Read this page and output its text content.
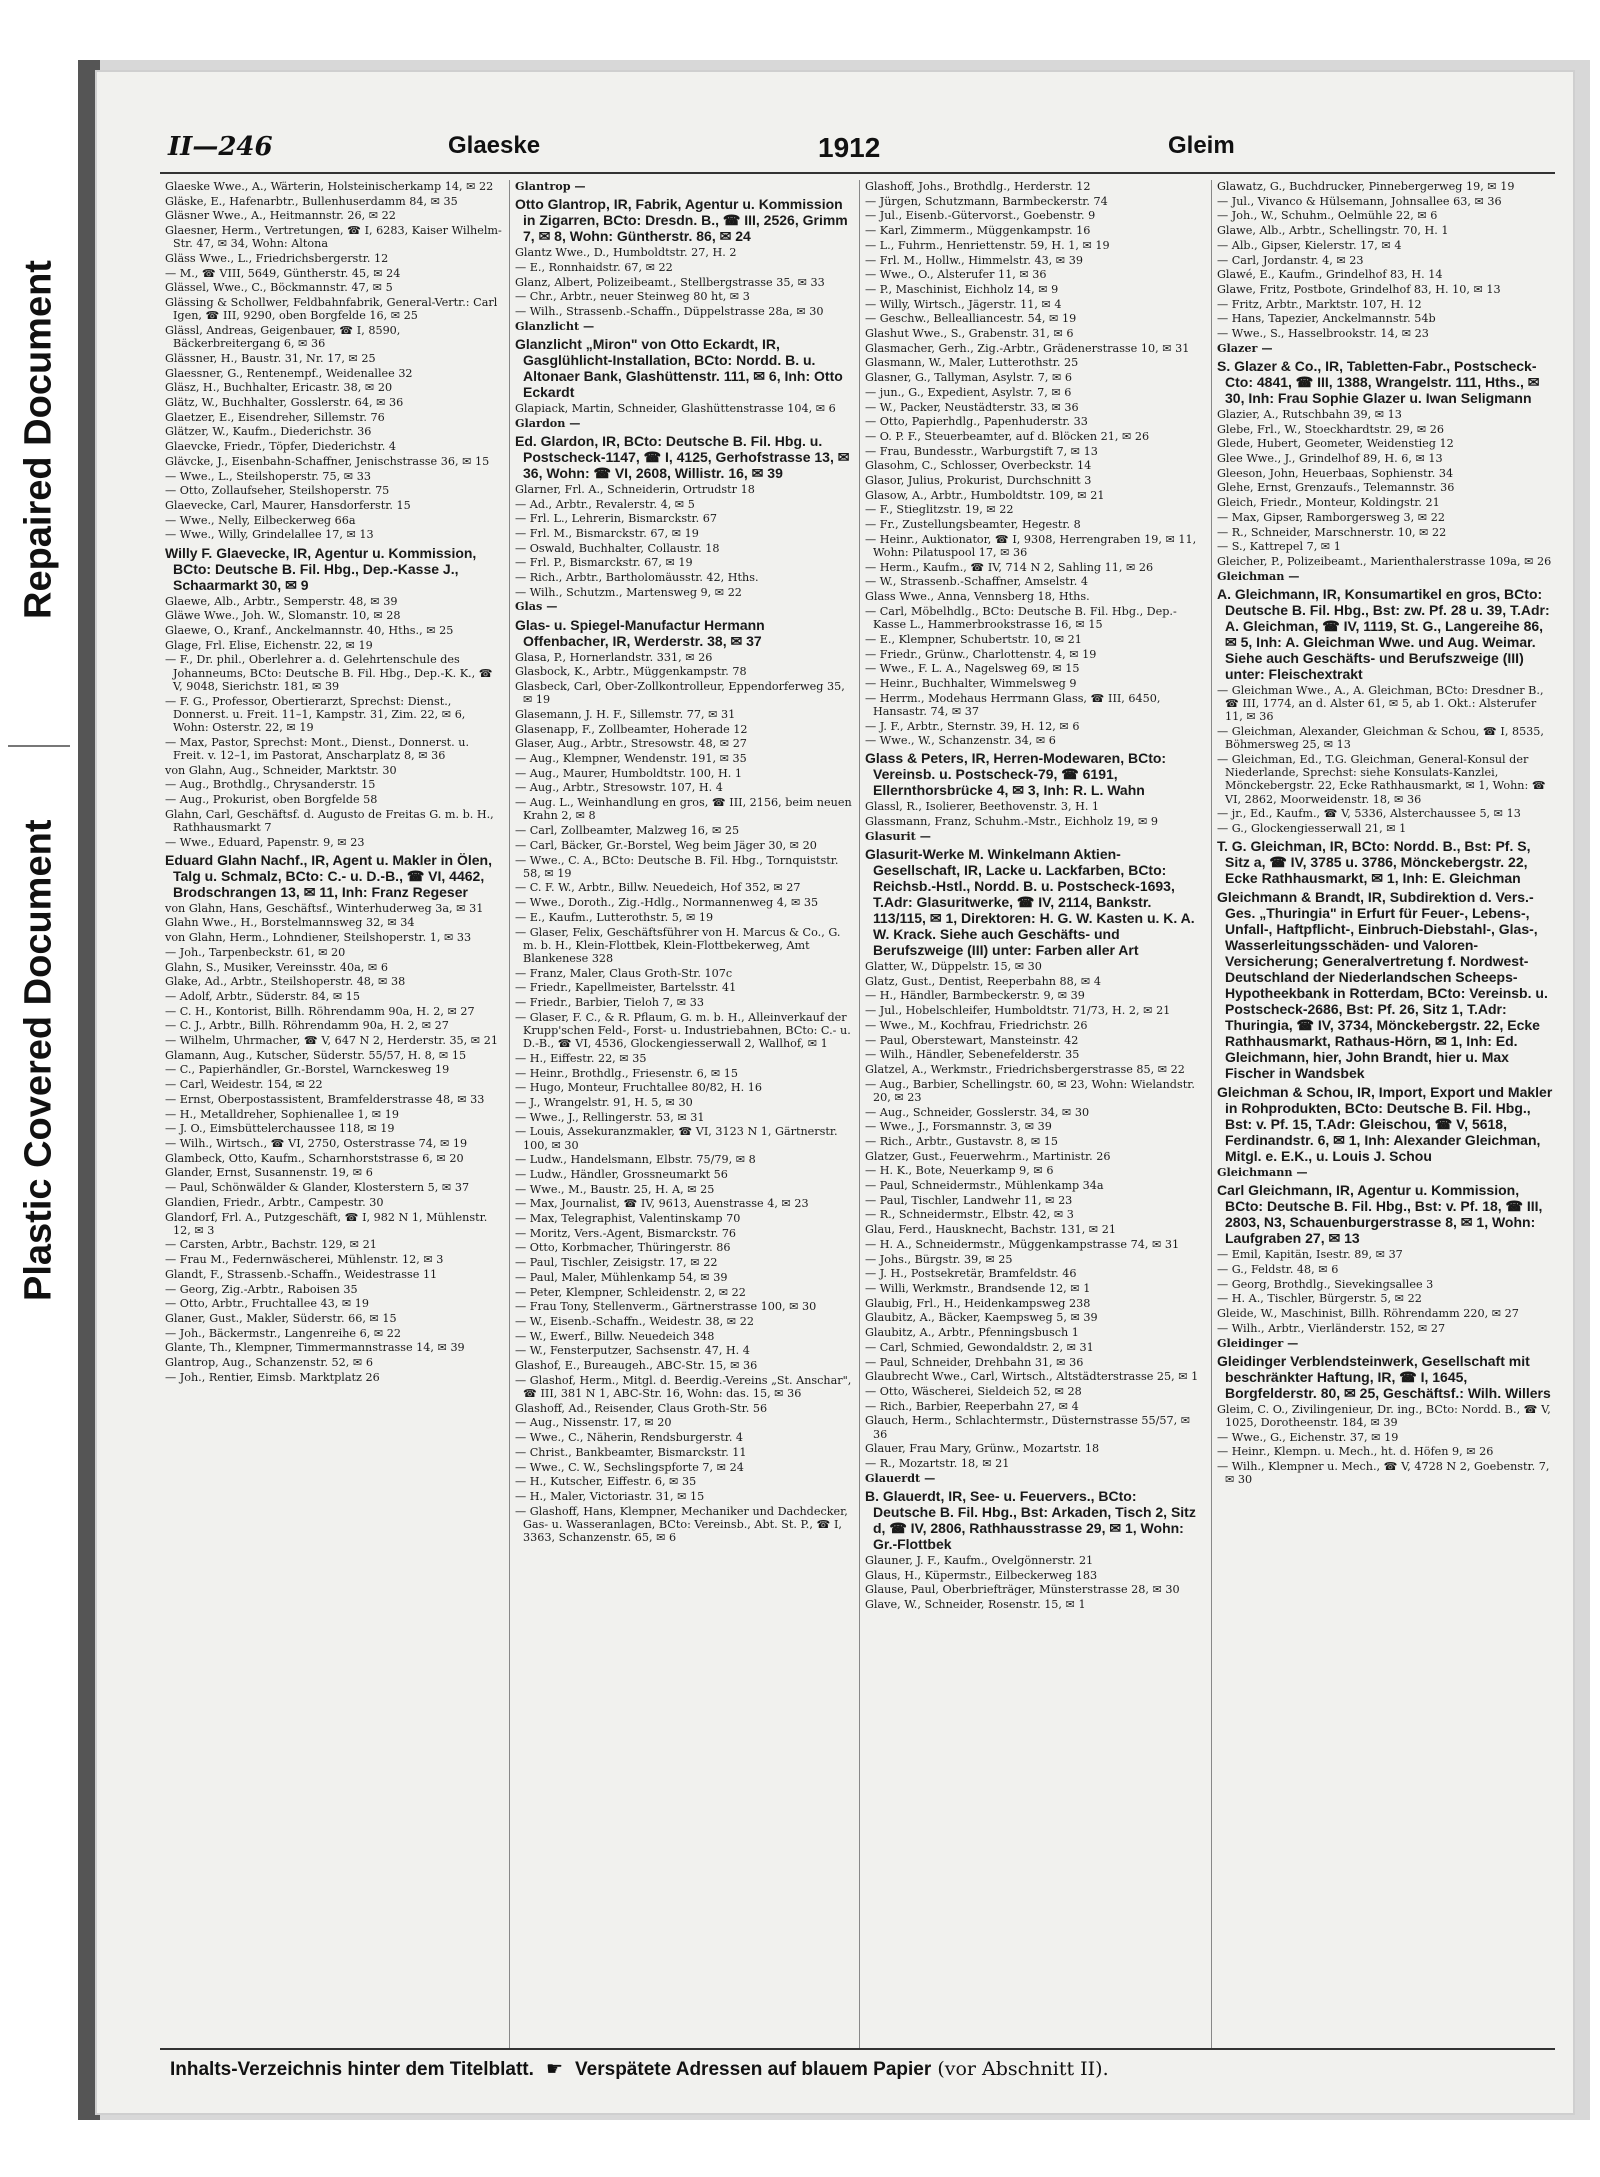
Repaired Document
Plastic Covered Document
II—246	Glaeske	1912	Gleim
Glaeske Wwe., A., Wärterin, Holsteinischerkamp 14, ✉ 22
Gläske, E., Hafenarbtr., Bullenhuserdamm 84, ✉ 35
Gläsner Wwe., A., Heitmannstr. 26, ✉ 22
Glaesner, Herm., Vertretungen, ☎ I, 6283, Kaiser Wilhelm-Str. 47, ✉ 34, Wohn: Altona
Gläss Wwe., L., Friedrichsbergerstr. 12
— M., ☎ VIII, 5649, Güntherstr. 45, ✉ 24
Glässel, Wwe., C., Böckmannstr. 47, ✉ 5
Glässing & Schollwer, Feldbahnfabrik, General-Vertr.: Carl Igen, ☎ III, 9290, oben Borgfelde 16, ✉ 25
Glässl, Andreas, Geigenbauer, ☎ I, 8590, Bäckerbreitergang 6, ✉ 36
Glässner, H., Baustr. 31, Nr. 17, ✉ 25
Glaessner, G., Rentenempf., Weidenallee 32
Gläsz, H., Buchhalter, Ericastr. 38, ✉ 20
Glätz, W., Buchhalter, Gosslerstr. 64, ✉ 36
Glaetzer, E., Eisendreher, Sillemstr. 76
Glätzer, W., Kaufm., Diederichstr. 36
Glaevcke, Friedr., Töpfer, Diederichstr. 4
Glävcke, J., Eisenbahn-Schaffner, Jenischstrasse 36, ✉ 15
— Wwe., L., Steilshoperstr. 75, ✉ 33
— Otto, Zollaufseher, Steilshoperstr. 75
Glaevecke, Carl, Maurer, Hansdorferstr. 15
— Wwe., Nelly, Eilbeckerweg 66a
— Wwe., Willy, Grindelallee 17, ✉ 13
Willy F. Glaevecke, IR, Agentur u. Kommission, BCto: Deutsche B. Fil. Hbg., Dep.-Kasse J., Schaarmarkt 30, ✉ 9
Glaewe, Alb., Arbtr., Semperstr. 48, ✉ 39
Gläwe Wwe., Joh. W., Slomanstr. 10, ✉ 28
Glaewe, O., Kranf., Anckelmannstr. 40, Hths., ✉ 25
Glage, Frl. Elise, Eichenstr. 22, ✉ 19
— F., Dr. phil., Oberlehrer a. d. Gelehrtenschule des Johanneums, BCto: Deutsche B. Fil. Hbg., Dep.-K. K., ☎ V, 9048, Sierichstr. 181, ✉ 39
— F. G., Professor, Obertierarzt, Sprechst: Dienst., Donnerst. u. Freit. 11–1, Kampstr. 31, Zim. 22, ✉ 6, Wohn: Osterstr. 22, ✉ 19
— Max, Pastor, Sprechst: Mont., Dienst., Donnerst. u. Freit. v. 12–1, im Pastorat, Anscharplatz 8, ✉ 36
von Glahn, Aug., Schneider, Marktstr. 30
— Aug., Brothdlg., Chrysanderstr. 15
— Aug., Prokurist, oben Borgfelde 58
Glahn, Carl, Geschäftsf. d. Augusto de Freitas G. m. b. H., Rathhausmarkt 7
— Wwe., Eduard, Papenstr. 9, ✉ 23
Eduard Glahn Nachf., IR, Agent u. Makler in Ölen, Talg u. Schmalz, BCto: C.- u. D.-B., ☎ VI, 4462, Brodschrangen 13, ✉ 11, Inh: Franz Regeser
von Glahn, Hans, Geschäftsf., Winterhuderweg 3a, ✉ 31
Glahn Wwe., H., Borstelmannsweg 32, ✉ 34
von Glahn, Herm., Lohndiener, Steilshoperstr. 1, ✉ 33
— Joh., Tarpenbeckstr. 61, ✉ 20
Glahn, S., Musiker, Vereinsstr. 40a, ✉ 6
Glake, Ad., Arbtr., Steilshoperstr. 48, ✉ 38
— Adolf, Arbtr., Süderstr. 84, ✉ 15
— C. H., Kontorist, Billh. Röhrendamm 90a, H. 2, ✉ 27
— C. J., Arbtr., Billh. Röhrendamm 90a, H. 2, ✉ 27
— Wilhelm, Uhrmacher, ☎ V, 647 N 2, Herderstr. 35, ✉ 21
Glamann, Aug., Kutscher, Süderstr. 55/57, H. 8, ✉ 15
— C., Papierhändler, Gr.-Borstel, Warnckesweg 19
— Carl, Weidestr. 154, ✉ 22
— Ernst, Oberpostassistent, Bramfelderstrasse 48, ✉ 33
— H., Metalldreher, Sophienallee 1, ✉ 19
— J. O., Eimsbüttelerchaussee 118, ✉ 19
— Wilh., Wirtsch., ☎ VI, 2750, Osterstrasse 74, ✉ 19
Glambeck, Otto, Kaufm., Scharnhorststrasse 6, ✉ 20
Glander, Ernst, Susannenstr. 19, ✉ 6
— Paul, Schönwälder & Glander, Klosterstern 5, ✉ 37
Glandien, Friedr., Arbtr., Campestr. 30
Glandorf, Frl. A., Putzgeschäft, ☎ I, 982 N 1, Mühlenstr. 12, ✉ 3
— Carsten, Arbtr., Bachstr. 129, ✉ 21
— Frau M., Federnwäscherei, Mühlenstr. 12, ✉ 3
Glandt, F., Strassenb.-Schaffn., Weidestrasse 11
— Georg, Zig.-Arbtr., Raboisen 35
— Otto, Arbtr., Fruchtallee 43, ✉ 19
Glaner, Gust., Makler, Süderstr. 66, ✉ 15
— Joh., Bäckermstr., Langenreihe 6, ✉ 22
Glante, Th., Klempner, Timmermannstrasse 14, ✉ 39
Glantrop, Aug., Schanzenstr. 52, ✉ 6
— Joh., Rentier, Eimsb. Marktplatz 26
Glantrop —
Otto Glantrop, IR, Fabrik, Agentur u. Kommission in Zigarren, BCto: Dresdn. B., ☎ III, 2526, Grimm 7, ✉ 8, Wohn: Güntherstr. 86, ✉ 24
Glantz Wwe., D., Humboldtstr. 27, H. 2
— E., Ronnhaidstr. 67, ✉ 22
Glanz, Albert, Polizeibeamt., Stellbergstrasse 35, ✉ 33
— Chr., Arbtr., neuer Steinweg 80 ht, ✉ 3
— Wilh., Strassenb.-Schaffn., Düppelstrasse 28a, ✉ 30
Glanzlicht —
Glanzlicht „Miron" von Otto Eckardt, IR, Gasglühlicht-Installation, BCto: Nordd. B. u. Altonaer Bank, Glashüttenstr. 111, ✉ 6, Inh: Otto Eckardt
Glapiack, Martin, Schneider, Glashüttenstrasse 104, ✉ 6
Glardon —
Ed. Glardon, IR, BCto: Deutsche B. Fil. Hbg. u. Postscheck-1147, ☎ I, 4125, Gerhofstrasse 13, ✉ 36, Wohn: ☎ VI, 2608, Willistr. 16, ✉ 39
Glarner, Frl. A., Schneiderin, Ortrudstr 18
— Ad., Arbtr., Revalerstr. 4, ✉ 5
— Frl. L., Lehrerin, Bismarckstr. 67
— Frl. M., Bismarckstr. 67, ✉ 19
— Oswald, Buchhalter, Collaustr. 18
— Frl. P., Bismarckstr. 67, ✉ 19
— Rich., Arbtr., Bartholomäusstr. 42, Hths.
— Wilh., Schutzm., Martensweg 9, ✉ 22
Glas —
Glas- u. Spiegel-Manufactur Hermann Offenbacher, IR, Werderstr. 38, ✉ 37
Glasa, P., Hornerlandstr. 331, ✉ 26
Glasbock, K., Arbtr., Müggenkampstr. 78
Glasbeck, Carl, Ober-Zollkontrolleur, Eppendorferweg 35, ✉ 19
Glasemann, J. H. F., Sillemstr. 77, ✉ 31
Glasenapp, F., Zollbeamter, Hoherade 12
Glaser, Aug., Arbtr., Stresowstr. 48, ✉ 27
— Aug., Klempner, Wendenstr. 191, ✉ 35
— Aug., Maurer, Humboldtstr. 100, H. 1
— Aug., Arbtr., Stresowstr. 107, H. 4
— Aug. L., Weinhandlung en gros, ☎ III, 2156, beim neuen Krahn 2, ✉ 8
— Carl, Zollbeamter, Malzweg 16, ✉ 25
— Carl, Bäcker, Gr.-Borstel, Weg beim Jäger 30, ✉ 20
— Wwe., C. A., BCto: Deutsche B. Fil. Hbg., Tornquiststr. 58, ✉ 19
— C. F. W., Arbtr., Billw. Neuedeich, Hof 352, ✉ 27
— Wwe., Doroth., Zig.-Hdlg., Normannenweg 4, ✉ 35
— E., Kaufm., Lutterothstr. 5, ✉ 19
— Glaser, Felix, Geschäftsführer von H. Marcus & Co., G. m. b. H., Klein-Flottbek, Klein-Flottbekerweg, Amt Blankenese 328
— Franz, Maler, Claus Groth-Str. 107c
— Friedr., Kapellmeister, Bartelsstr. 41
— Friedr., Barbier, Tieloh 7, ✉ 33
— Glaser, F. C., & R. Pflaum, G. m. b. H., Alleinverkauf der Krupp'schen Feld-, Forst- u. Industriebahnen, BCto: C.- u. D.-B., ☎ VI, 4536, Glockengiesserwall 2, Wallhof, ✉ 1
— H., Eiffestr. 22, ✉ 35
— Heinr., Brothdlg., Friesenstr. 6, ✉ 15
— Hugo, Monteur, Fruchtallee 80/82, H. 16
— J., Wrangelstr. 91, H. 5, ✉ 30
— Wwe., J., Rellingerstr. 53, ✉ 31
— Louis, Assekuranzmakler, ☎ VI, 3123 N 1, Gärtnerstr. 100, ✉ 30
— Ludw., Handelsmann, Elbstr. 75/79, ✉ 8
— Ludw., Händler, Grossneumarkt 56
— Wwe., M., Baustr. 25, H. A, ✉ 25
— Max, Journalist, ☎ IV, 9613, Auenstrasse 4, ✉ 23
— Max, Telegraphist, Valentinskamp 70
— Moritz, Vers.-Agent, Bismarckstr. 76
— Otto, Korbmacher, Thüringerstr. 86
— Paul, Tischler, Zeisigstr. 17, ✉ 22
— Paul, Maler, Mühlenkamp 54, ✉ 39
— Peter, Klempner, Schleidenstr. 2, ✉ 22
— Frau Tony, Stellenverm., Gärtnerstrasse 100, ✉ 30
— W., Eisenb.-Schaffn., Weidestr. 38, ✉ 22
— W., Ewerf., Billw. Neuedeich 348
— W., Fensterputzer, Sachsenstr. 47, H. 4
Glashof, E., Bureaugeh., ABC-Str. 15, ✉ 36
— Glashof, Herm., Mitgl. d. Beerdig.-Vereins „St. Anschar", ☎ III, 381 N 1, ABC-Str. 16, Wohn: das. 15, ✉ 36
Glashoff, Ad., Reisender, Claus Groth-Str. 56
— Aug., Nissenstr. 17, ✉ 20
— Wwe., C., Näherin, Rendsburgerstr. 4
— Christ., Bankbeamter, Bismarckstr. 11
— Wwe., C. W., Sechslingspforte 7, ✉ 24
— H., Kutscher, Eiffestr. 6, ✉ 35
— H., Maler, Victoriastr. 31, ✉ 15
— Glashoff, Hans, Klempner, Mechaniker und Dachdecker, Gas- u. Wasseranlagen, BCto: Vereinsb., Abt. St. P., ☎ I, 3363, Schanzenstr. 65, ✉ 6
Glashoff, Johs., Brothdlg., Herderstr. 12
— Jürgen, Schutzmann, Barmbeckerstr. 74
— Jul., Eisenb.-Gütervorst., Goebenstr. 9
— Karl, Zimmerm., Müggenkampstr. 16
— L., Fuhrm., Henriettenstr. 59, H. 1, ✉ 19
— Frl. M., Hollw., Himmelstr. 43, ✉ 39
— Wwe., O., Alsterufer 11, ✉ 36
— P., Maschinist, Eichholz 14, ✉ 9
— Willy, Wirtsch., Jägerstr. 11, ✉ 4
— Geschw., Bellealliancestr. 54, ✉ 19
Glashut Wwe., S., Grabenstr. 31, ✉ 6
Glasmacher, Gerh., Zig.-Arbtr., Grädenerstrasse 10, ✉ 31
Glasmann, W., Maler, Lutterothstr. 25
Glasner, G., Tallyman, Asylstr. 7, ✉ 6
— jun., G., Expedient, Asylstr. 7, ✉ 6
— W., Packer, Neustädterstr. 33, ✉ 36
— Otto, Papierhdlg., Papenhuderstr. 33
— O. P. F., Steuerbeamter, auf d. Blöcken 21, ✉ 26
— Frau, Bundesstr., Warburgstift 7, ✉ 13
Glasohm, C., Schlosser, Overbeckstr. 14
Glasor, Julius, Prokurist, Durchschnitt 3
Glasow, A., Arbtr., Humboldtstr. 109, ✉ 21
— F., Stieglitzstr. 19, ✉ 22
— Fr., Zustellungsbeamter, Hegestr. 8
— Heinr., Auktionator, ☎ I, 9308, Herrengraben 19, ✉ 11, Wohn: Pilatuspool 17, ✉ 36
— Herm., Kaufm., ☎ IV, 714 N 2, Sahling 11, ✉ 26
— W., Strassenb.-Schaffner, Amselstr. 4
Glass Wwe., Anna, Vennsberg 18, Hths.
— Carl, Möbelhdlg., BCto: Deutsche B. Fil. Hbg., Dep.-Kasse L., Hammerbrookstrasse 16, ✉ 15
— E., Klempner, Schubertstr. 10, ✉ 21
— Friedr., Grünw., Charlottenstr. 4, ✉ 19
— Wwe., F. L. A., Nagelsweg 69, ✉ 15
— Heinr., Buchhalter, Wimmelsweg 9
— Herrm., Modehaus Herrmann Glass, ☎ III, 6450, Hansastr. 74, ✉ 37
— J. F., Arbtr., Sternstr. 39, H. 12, ✉ 6
— Wwe., W., Schanzenstr. 34, ✉ 6
Glass & Peters, IR, Herren-Modewaren, BCto: Vereinsb. u. Postscheck-79, ☎ 6191, Ellernthorsbrücke 4, ✉ 3, Inh: R. L. Wahn
Glassl, R., Isolierer, Beethovenstr. 3, H. 1
Glassmann, Franz, Schuhm.-Mstr., Eichholz 19, ✉ 9
Glasurit —
Glasurit-Werke M. Winkelmann Aktien-Gesellschaft, IR, Lacke u. Lackfarben, BCto: Reichsb.-Hstl., Nordd. B. u. Postscheck-1693, T.Adr: Glasuritwerke, ☎ IV, 2114, Bankstr. 113/115, ✉ 1, Direktoren: H. G. W. Kasten u. K. A. W. Krack. Siehe auch Geschäfts- und Berufszweige (III) unter: Farben aller Art
Glatter, W., Düppelstr. 15, ✉ 30
Glatz, Gust., Dentist, Reeperbahn 88, ✉ 4
— H., Händler, Barmbeckerstr. 9, ✉ 39
— Jul., Hobelschleifer, Humboldtstr. 71/73, H. 2, ✉ 21
— Wwe., M., Kochfrau, Friedrichstr. 26
— Paul, Oberstewart, Mansteinstr. 42
— Wilh., Händler, Sebenefelderstr. 35
Glatzel, A., Werkmstr., Friedrichsbergerstrasse 85, ✉ 22
— Aug., Barbier, Schellingstr. 60, ✉ 23, Wohn: Wielandstr. 20, ✉ 23
— Aug., Schneider, Gosslerstr. 34, ✉ 30
— Wwe., J., Forsmannstr. 3, ✉ 39
— Rich., Arbtr., Gustavstr. 8, ✉ 15
Glatzer, Gust., Feuerwehrm., Martinistr. 26
— H. K., Bote, Neuerkamp 9, ✉ 6
— Paul, Schneidermstr., Mühlenkamp 34a
— Paul, Tischler, Landwehr 11, ✉ 23
— R., Schneidermstr., Elbstr. 42, ✉ 3
Glau, Ferd., Hausknecht, Bachstr. 131, ✉ 21
— H. A., Schneidermstr., Müggenkampstrasse 74, ✉ 31
— Johs., Bürgstr. 39, ✉ 25
— J. H., Postsekretär, Bramfeldstr. 46
— Willi, Werkmstr., Brandsende 12, ✉ 1
Glaubig, Frl., H., Heidenkampsweg 238
Glaubitz, A., Bäcker, Kaempsweg 5, ✉ 39
Glaubitz, A., Arbtr., Pfenningsbusch 1
— Carl, Schmied, Gewondaldstr. 2, ✉ 31
— Paul, Schneider, Drehbahn 31, ✉ 36
Glaubrecht Wwe., Carl, Wirtsch., Altstädterstrasse 25, ✉ 1
— Otto, Wäscherei, Sieldeich 52, ✉ 28
— Rich., Barbier, Reeperbahn 27, ✉ 4
Glauch, Herm., Schlachtermstr., Düsternstrasse 55/57, ✉ 36
Glauer, Frau Mary, Grünw., Mozartstr. 18
— R., Mozartstr. 18, ✉ 21
Glauerdt —
B. Glauerdt, IR, See- u. Feuervers., BCto: Deutsche B. Fil. Hbg., Bst: Arkaden, Tisch 2, Sitz d, ☎ IV, 2806, Rathhausstrasse 29, ✉ 1, Wohn: Gr.-Flottbek
Glauner, J. F., Kaufm., Ovelgönnerstr. 21
Glaus, H., Küpermstr., Eilbeckerweg 183
Glause, Paul, Oberbriefträger, Münsterstrasse 28, ✉ 30
Glave, W., Schneider, Rosenstr. 15, ✉ 1
Glawatz, G., Buchdrucker, Pinnebergerweg 19, ✉ 19
— Jul., Vivanco & Hülsemann, Johnsallee 63, ✉ 36
— Joh., W., Schuhm., Oelmühle 22, ✉ 6
Glawe, Alb., Arbtr., Schellingstr. 70, H. 1
— Alb., Gipser, Kielerstr. 17, ✉ 4
— Carl, Jordanstr. 4, ✉ 23
Glawé, E., Kaufm., Grindelhof 83, H. 14
Glawe, Fritz, Postbote, Grindelhof 83, H. 10, ✉ 13
— Fritz, Arbtr., Marktstr. 107, H. 12
— Hans, Tapezier, Anckelmannstr. 54b
— Wwe., S., Hasselbrookstr. 14, ✉ 23
Glazer —
S. Glazer & Co., IR, Tabletten-Fabr., Postscheck-Cto: 4841, ☎ III, 1388, Wrangelstr. 111, Hths., ✉ 30, Inh: Frau Sophie Glazer u. Iwan Seligmann
Glazier, A., Rutschbahn 39, ✉ 13
Glebe, Frl., W., Stoeckhardtstr. 29, ✉ 26
Glede, Hubert, Geometer, Weidenstieg 12
Glee Wwe., J., Grindelhof 89, H. 6, ✉ 13
Gleeson, John, Heuerbaas, Sophienstr. 34
Glehe, Ernst, Grenzaufs., Telemannstr. 36
Gleich, Friedr., Monteur, Koldingstr. 21
— Max, Gipser, Ramborgersweg 3, ✉ 22
— R., Schneider, Marschnerstr. 10, ✉ 22
— S., Kattrepel 7, ✉ 1
Gleicher, P., Polizeibeamt., Marienthalerstrasse 109a, ✉ 26
Gleichman —
A. Gleichmann, IR, Konsumartikel en gros, BCto: Deutsche B. Fil. Hbg., Bst: zw. Pf. 28 u. 39, T.Adr: A. Gleichman, ☎ IV, 1119, St. G., Langereihe 86, ✉ 5, Inh: A. Gleichman Wwe. und Aug. Weimar. Siehe auch Geschäfts- und Berufszweige (III) unter: Fleischextrakt
— Gleichman Wwe., A., A. Gleichman, BCto: Dresdner B., ☎ III, 1774, an d. Alster 61, ✉ 5, ab 1. Okt.: Alsterufer 11, ✉ 36
— Gleichman, Alexander, Gleichman & Schou, ☎ I, 8535, Böhmersweg 25, ✉ 13
— Gleichman, Ed., T.G. Gleichman, General-Konsul der Niederlande, Sprechst: siehe Konsulats-Kanzlei, Mönckebergstr. 22, Ecke Rathhausmarkt, ✉ 1, Wohn: ☎ VI, 2862, Moorweidenstr. 18, ✉ 36
— jr., Ed., Kaufm., ☎ V, 5336, Alsterchaussee 5, ✉ 13
— G., Glockengiesserwall 21, ✉ 1
T. G. Gleichman, IR, BCto: Nordd. B., Bst: Pf. S, Sitz a, ☎ IV, 3785 u. 3786, Mönckebergstr. 22, Ecke Rathhausmarkt, ✉ 1, Inh: E. Gleichman
Gleichmann & Brandt, IR, Subdirektion d. Vers.-Ges. „Thuringia" in Erfurt für Feuer-, Lebens-, Unfall-, Haftpflicht-, Einbruch-Diebstahl-, Glas-, Wasserleitungsschäden- und Valoren-Versicherung; Generalvertretung f. Nordwest-Deutschland der Niederlandschen Scheeps-Hypotheekbank in Rotterdam, BCto: Vereinsb. u. Postscheck-2686, Bst: Pf. 26, Sitz 1, T.Adr: Thuringia, ☎ IV, 3734, Mönckebergstr. 22, Ecke Rathhausmarkt, Rathaus-Hörn, ✉ 1, Inh: Ed. Gleichmann, hier, John Brandt, hier u. Max Fischer in Wandsbek
Gleichman & Schou, IR, Import, Export und Makler in Rohprodukten, BCto: Deutsche B. Fil. Hbg., Bst: v. Pf. 15, T.Adr: Gleischou, ☎ V, 5618, Ferdinandstr. 6, ✉ 1, Inh: Alexander Gleichman, Mitgl. e. E.K., u. Louis J. Schou
Gleichmann —
Carl Gleichmann, IR, Agentur u. Kommission, BCto: Deutsche B. Fil. Hbg., Bst: v. Pf. 18, ☎ III, 2803, N3, Schauenburgerstrasse 8, ✉ 1, Wohn: Laufgraben 27, ✉ 13
— Emil, Kapitän, Isestr. 89, ✉ 37
— G., Feldstr. 48, ✉ 6
— Georg, Brothdlg., Sievekingsallee 3
— H. A., Tischler, Bürgerstr. 5, ✉ 22
Gleide, W., Maschinist, Billh. Röhrendamm 220, ✉ 27
— Wilh., Arbtr., Vierländerstr. 152, ✉ 27
Gleidinger —
Gleidinger Verblendsteinwerk, Gesellschaft mit beschränkter Haftung, IR, ☎ I, 1645, Borgfelderstr. 80, ✉ 25, Geschäftsf.: Wilh. Willers
Gleim, C. O., Zivilingenieur, Dr. ing., BCto: Nordd. B., ☎ V, 1025, Dorotheenstr. 184, ✉ 39
— Wwe., G., Eichenstr. 37, ✉ 19
— Heinr., Klempn. u. Mech., ht. d. Höfen 9, ✉ 26
— Wilh., Klempner u. Mech., ☎ V, 4728 N 2, Goebenstr. 7, ✉ 30
Inhalts-Verzeichnis hinter dem Titelblatt. ☛ Verspätete Adressen auf blauem Papier (vor Abschnitt II).
